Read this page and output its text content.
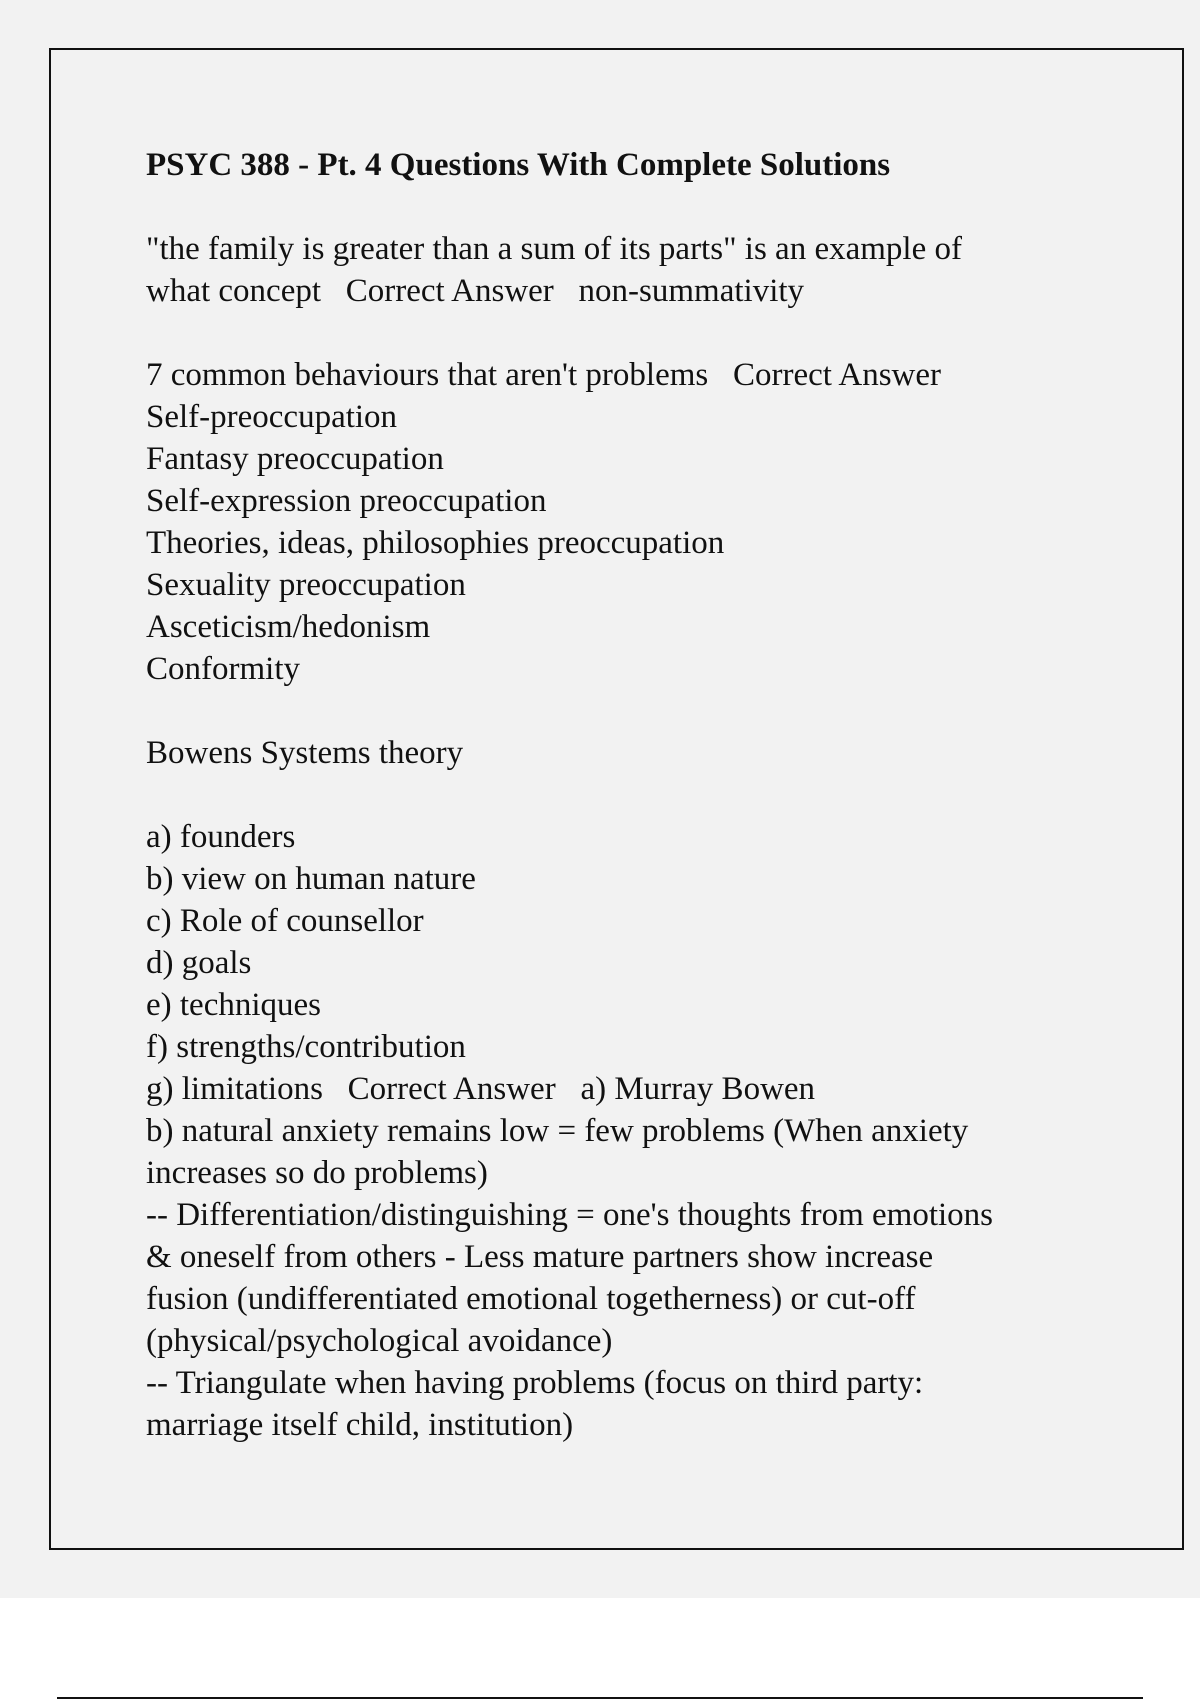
PSYC 388 - Pt. 4 Questions With Complete Solutions
"the family is greater than a sum of its parts" is an example of
what concept Correct Answer non-summativity
7 common behaviours that aren't problems Correct Answer
Self-preoccupation
Fantasy preoccupation
Self-expression preoccupation
Theories, ideas, philosophies preoccupation
Sexuality preoccupation
Asceticism/hedonism
Conformity
Bowens Systems theory
a) founders
b) view on human nature
c) Role of counsellor
d) goals
e) techniques
f) strengths/contribution
g) limitations Correct Answer a) Murray Bowen
b) natural anxiety remains low = few problems (When anxiety
increases so do problems)
-- Differentiation/distinguishing = one's thoughts from emotions
& oneself from others - Less mature partners show increase
fusion (undifferentiated emotional togetherness) or cut-off
(physical/psychological avoidance)
-- Triangulate when having problems (focus on third party:
marriage itself child, institution)
